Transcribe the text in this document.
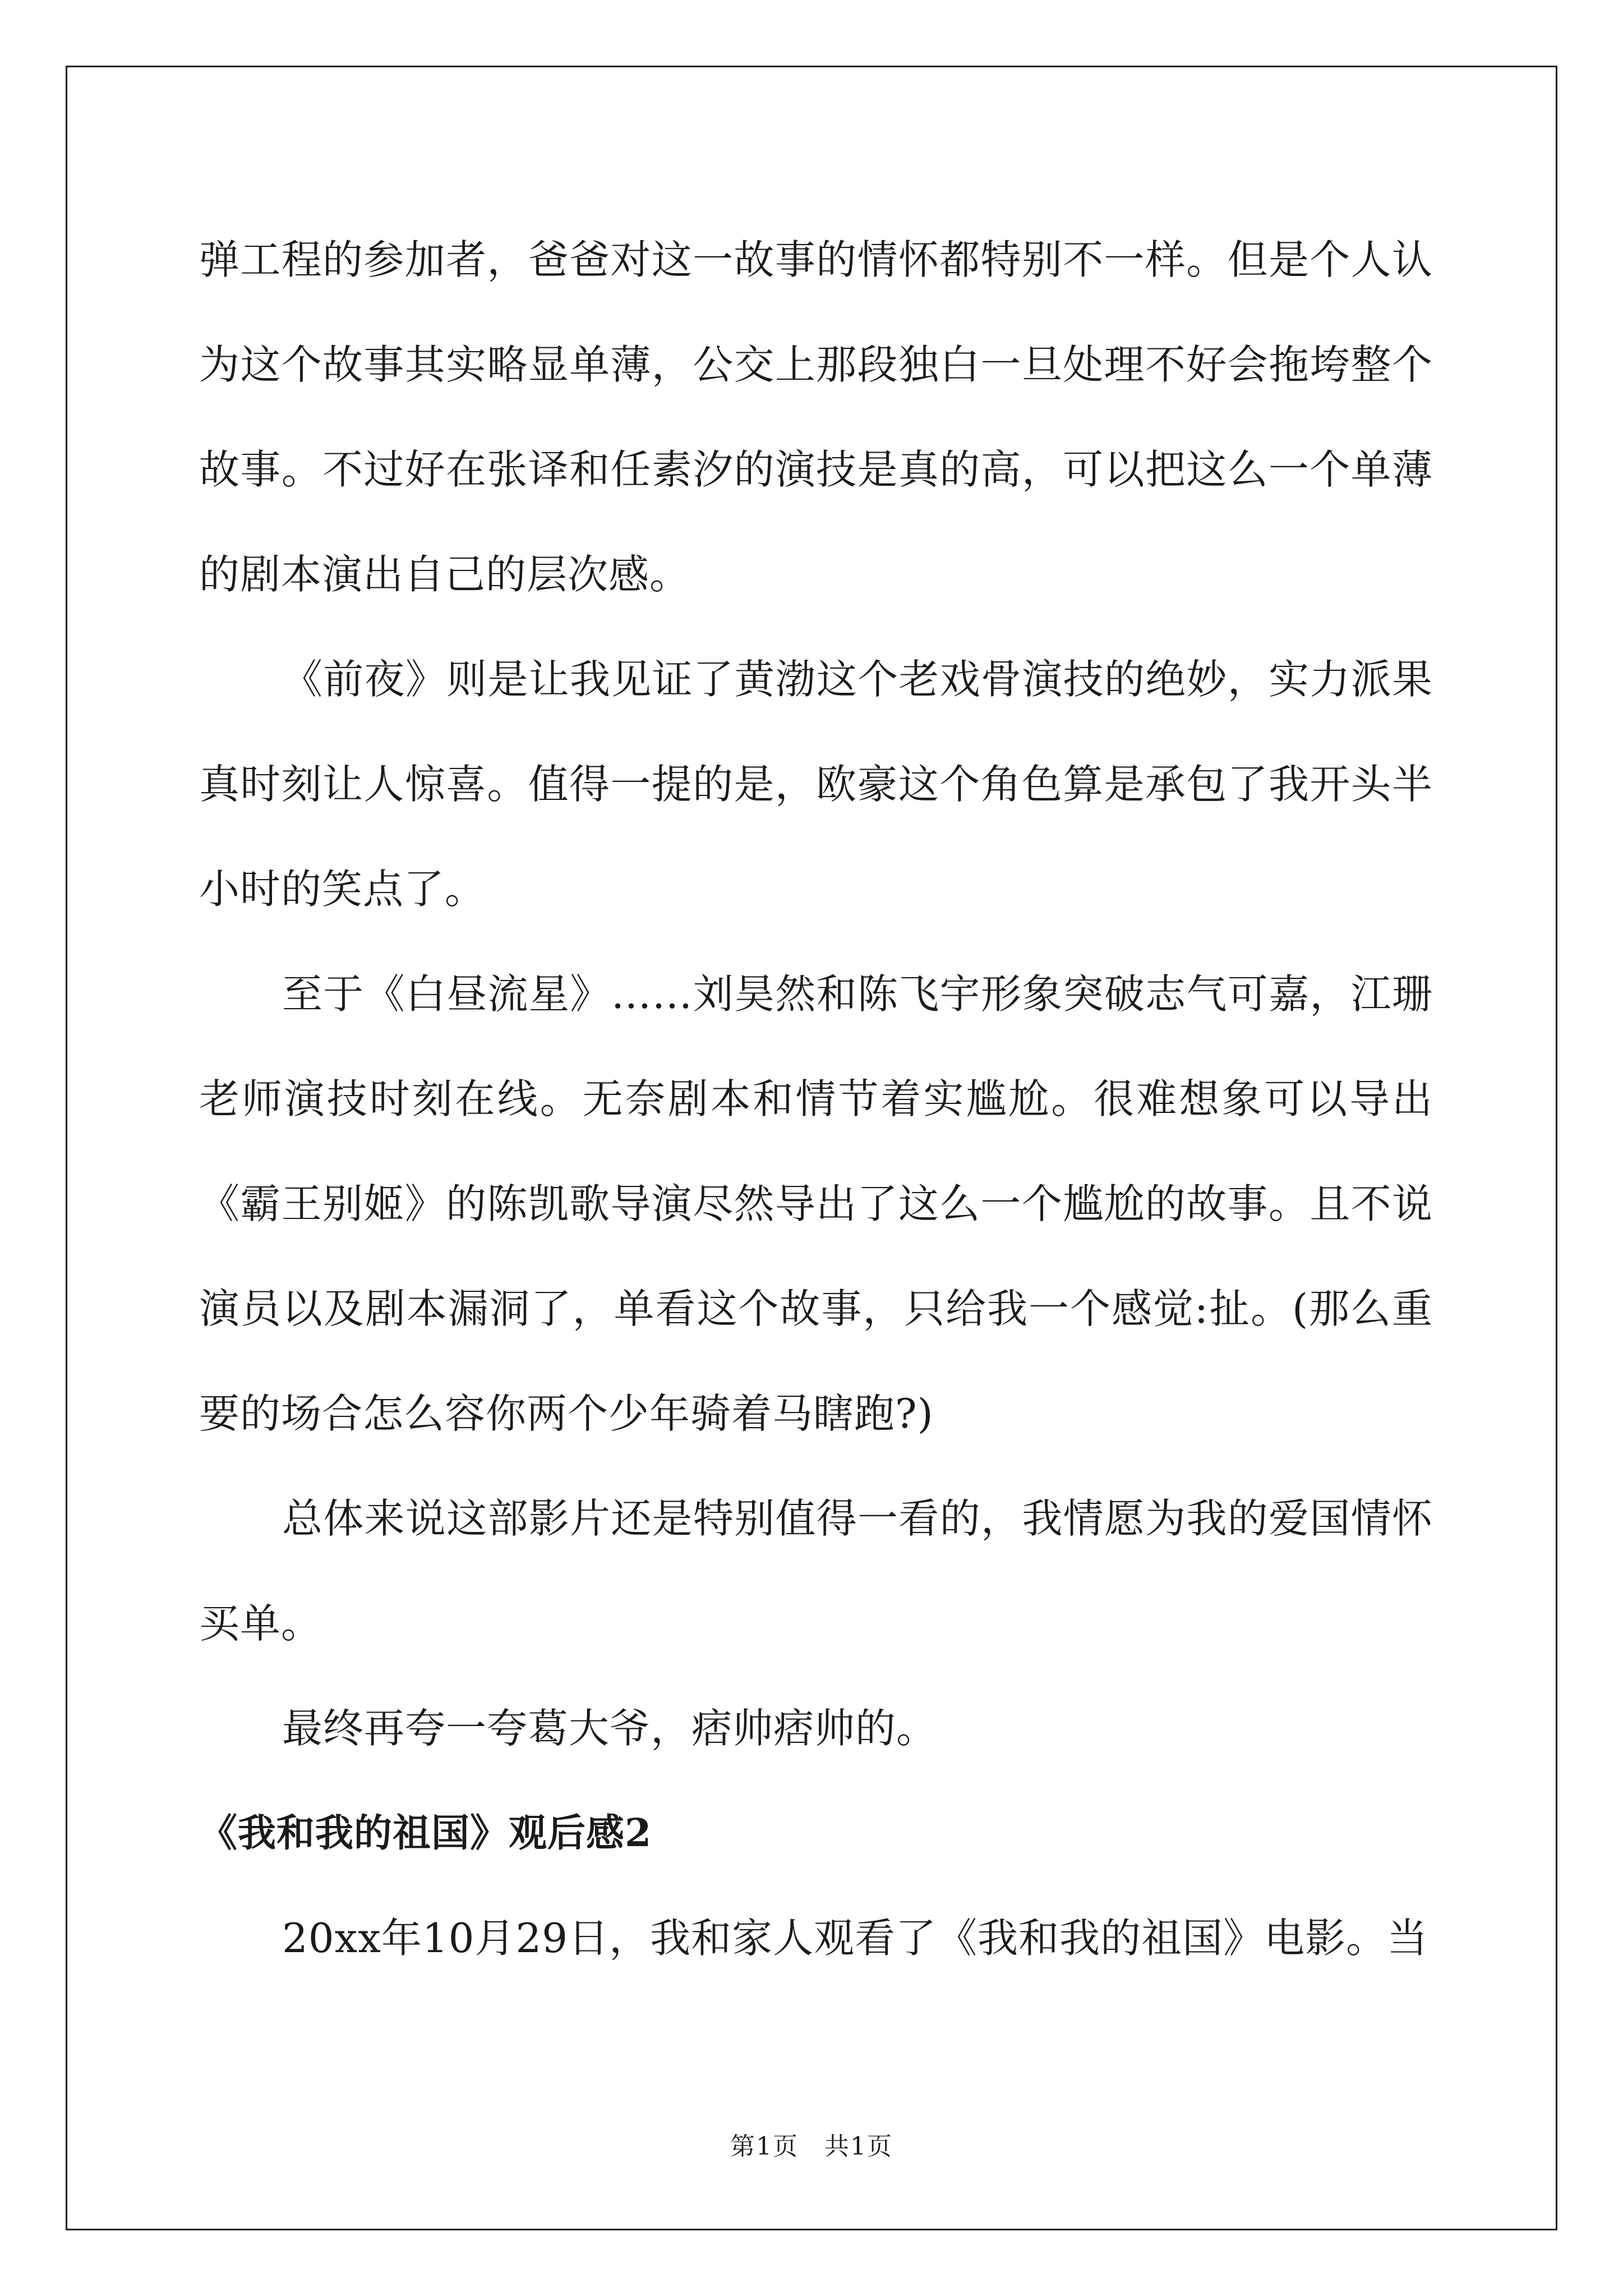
弹工程的参加者，爸爸对这一故事的情怀都特别不一样。但是个人认为这个故事其实略显单薄，公交上那段独白一旦处理不好会拖垮整个故事。不过好在张译和任素汐的演技是真的高，可以把这么一个单薄的剧本演出自己的层次感。

《前夜》则是让我见证了黄渤这个老戏骨演技的绝妙，实力派果真时刻让人惊喜。值得一提的是，欧豪这个角色算是承包了我开头半小时的笑点了。

至于《白昼流星》……刘昊然和陈飞宇形象突破志气可嘉，江珊老师演技时刻在线。无奈剧本和情节着实尴尬。很难想象可以导出《霸王别姬》的陈凯歌导演尽然导出了这么一个尴尬的故事。且不说演员以及剧本漏洞了，单看这个故事，只给我一个感觉:扯。(那么重要的场合怎么容你两个少年骑着马瞎跑?)

总体来说这部影片还是特别值得一看的，我情愿为我的爱国情怀买单。

最终再夸一夸葛大爷，痞帅痞帅的。

《我和我的祖国》观后感2

20xx年10月29日，我和家人观看了《我和我的祖国》电影。当

第1页　共1页
